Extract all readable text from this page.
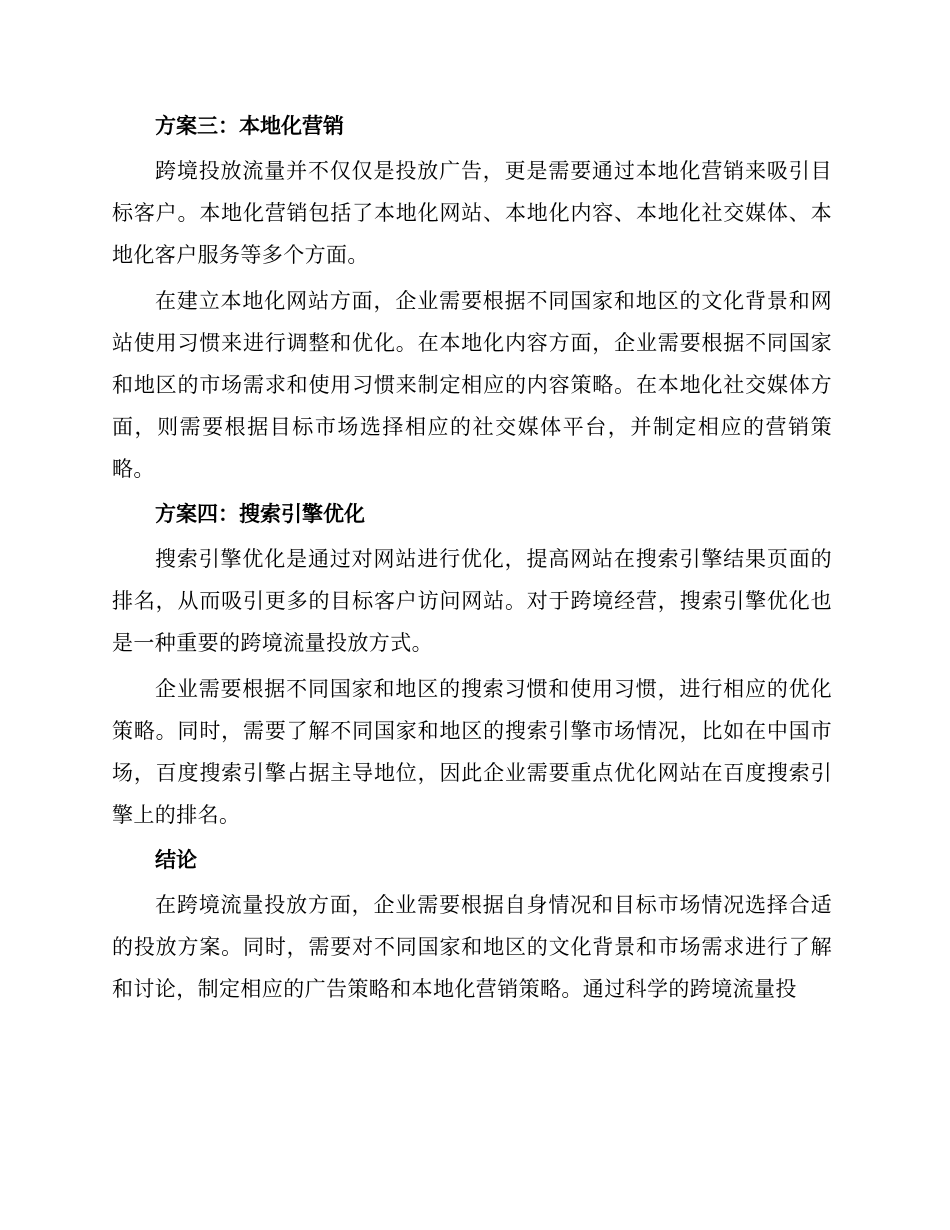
方案三：本地化营销

跨境投放流量并不仅仅是投放广告，更是需要通过本地化营销来吸引目标客户。本地化营销包括了本地化网站、本地化内容、本地化社交媒体、本地化客户服务等多个方面。

在建立本地化网站方面，企业需要根据不同国家和地区的文化背景和网站使用习惯来进行调整和优化。在本地化内容方面，企业需要根据不同国家和地区的市场需求和使用习惯来制定相应的内容策略。在本地化社交媒体方面，则需要根据目标市场选择相应的社交媒体平台，并制定相应的营销策略。

方案四：搜索引擎优化

搜索引擎优化是通过对网站进行优化，提高网站在搜索引擎结果页面的排名，从而吸引更多的目标客户访问网站。对于跨境经营，搜索引擎优化也是一种重要的跨境流量投放方式。

企业需要根据不同国家和地区的搜索习惯和使用习惯，进行相应的优化策略。同时，需要了解不同国家和地区的搜索引擎市场情况，比如在中国市场，百度搜索引擎占据主导地位，因此企业需要重点优化网站在百度搜索引擎上的排名。

结论

在跨境流量投放方面，企业需要根据自身情况和目标市场情况选择合适的投放方案。同时，需要对不同国家和地区的文化背景和市场需求进行了解和讨论，制定相应的广告策略和本地化营销策略。通过科学的跨境流量投
